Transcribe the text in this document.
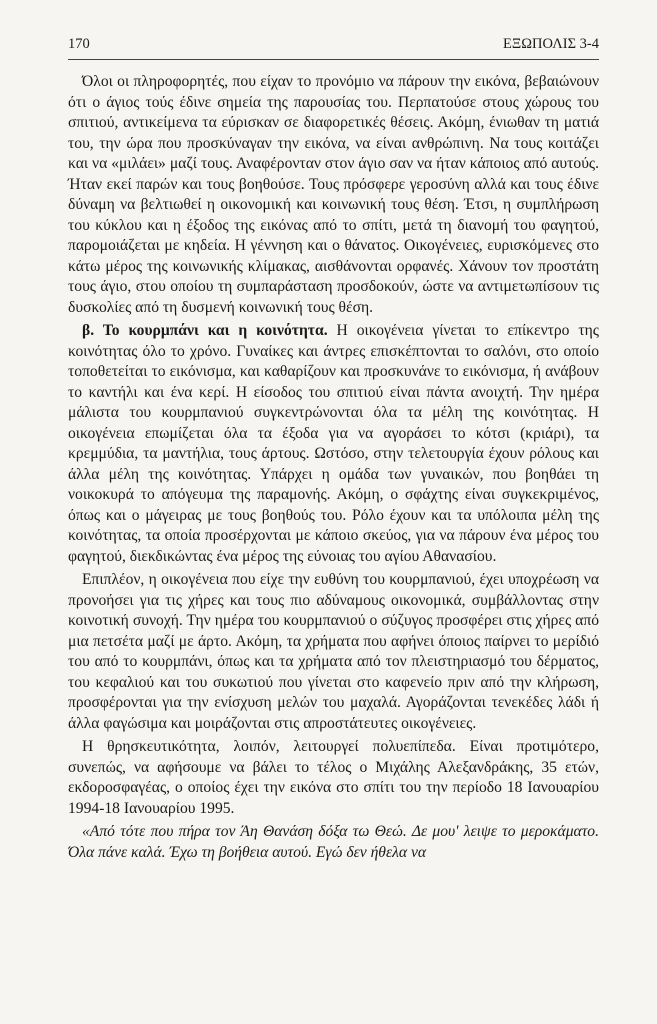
170	ΕΞΩΠΟΛΙΣ 3-4

Όλοι οι πληροφορητές, που είχαν το προνόμιο να πάρουν την εικόνα, βεβαιώνουν ότι ο άγιος τούς έδινε σημεία της παρουσίας του. Περπατούσε στους χώρους του σπιτιού, αντικείμενα τα εύρισκαν σε διαφορετικές θέσεις. Ακόμη, ένιωθαν τη ματιά του, την ώρα που προσκύναγαν την εικόνα, να είναι ανθρώπινη. Να τους κοιτάζει και να «μιλάει» μαζί τους. Αναφέρονταν στον άγιο σαν να ήταν κάποιος από αυτούς. Ήταν εκεί παρών και τους βοηθούσε. Τους πρόσφερε γεροσύνη αλλά και τους έδινε δύναμη να βελτιωθεί η οικονομική και κοινωνική τους θέση. Έτσι, η συμπλήρωση του κύκλου και η έξοδος της εικόνας από το σπίτι, μετά τη διανομή του φαγητού, παρομοιάζεται με κηδεία. Η γέννηση και ο θάνατος. Οικογένειες, ευρισκόμενες στο κάτω μέρος της κοινωνικής κλίμακας, αισθάνονται ορφανές. Χάνουν τον προστάτη τους άγιο, στου οποίου τη συμπαράσταση προσδοκούν, ώστε να αντιμετωπίσουν τις δυσκολίες από τη δυσμενή κοινωνική τους θέση.

β. Το κουρμπάνι και η κοινότητα. Η οικογένεια γίνεται το επίκεντρο της κοινότητας όλο το χρόνο. Γυναίκες και άντρες επισκέπτονται το σαλόνι, στο οποίο τοποθετείται το εικόνισμα, και καθαρίζουν και προσκυνάνε το εικόνισμα, ή ανάβουν το καντήλι και ένα κερί. Η είσοδος του σπιτιού είναι πάντα ανοιχτή. Την ημέρα μάλιστα του κουρμπανιού συγκεντρώνονται όλα τα μέλη της κοινότητας. Η οικογένεια επωμίζεται όλα τα έξοδα για να αγοράσει το κότσι (κριάρι), τα κρεμμύδια, τα μαντήλια, τους άρτους. Ωστόσο, στην τελετουργία έχουν ρόλους και άλλα μέλη της κοινότητας. Υπάρχει η ομάδα των γυναικών, που βοηθάει τη νοικοκυρά το απόγευμα της παραμονής. Ακόμη, ο σφάχτης είναι συγκεκριμένος, όπως και ο μάγειρας με τους βοηθούς του. Ρόλο έχουν και τα υπόλοιπα μέλη της κοινότητας, τα οποία προσέρχονται με κάποιο σκεύος, για να πάρουν ένα μέρος του φαγητού, διεκδικώντας ένα μέρος της εύνοιας του αγίου Αθανασίου.

Επιπλέον, η οικογένεια που είχε την ευθύνη του κουρμπανιού, έχει υποχρέωση να προνοήσει για τις χήρες και τους πιο αδύναμους οικονομικά, συμβάλλοντας στην κοινοτική συνοχή. Την ημέρα του κουρμπανιού ο σύζυγος προσφέρει στις χήρες από μια πετσέτα μαζί με άρτο. Ακόμη, τα χρήματα που αφήνει όποιος παίρνει το μερίδιό του από το κουρμπάνι, όπως και τα χρήματα από τον πλειστηριασμό του δέρματος, του κεφαλιού και του συκωτιού που γίνεται στο καφενείο πριν από την κλήρωση, προσφέρονται για την ενίσχυση μελών του μαχαλά. Αγοράζονται τενεκέδες λάδι ή άλλα φαγώσιμα και μοιράζονται στις απροστάτευτες οικογένειες.

Η θρησκευτικότητα, λοιπόν, λειτουργεί πολυεπίπεδα. Είναι προτιμότερο, συνεπώς, να αφήσουμε να βάλει το τέλος ο Μιχάλης Αλεξανδράκης, 35 ετών, εκδοροσφαγέας, ο οποίος έχει την εικόνα στο σπίτι του την περίοδο 18 Ιανουαρίου 1994-18 Ιανουαρίου 1995.

«Από τότε που πήρα τον Άη Θανάση δόξα τω Θεώ. Δε μου' λειψε το μεροκάματο. Όλα πάνε καλά. Έχω τη βοήθεια αυτού. Εγώ δεν ήθελα να
